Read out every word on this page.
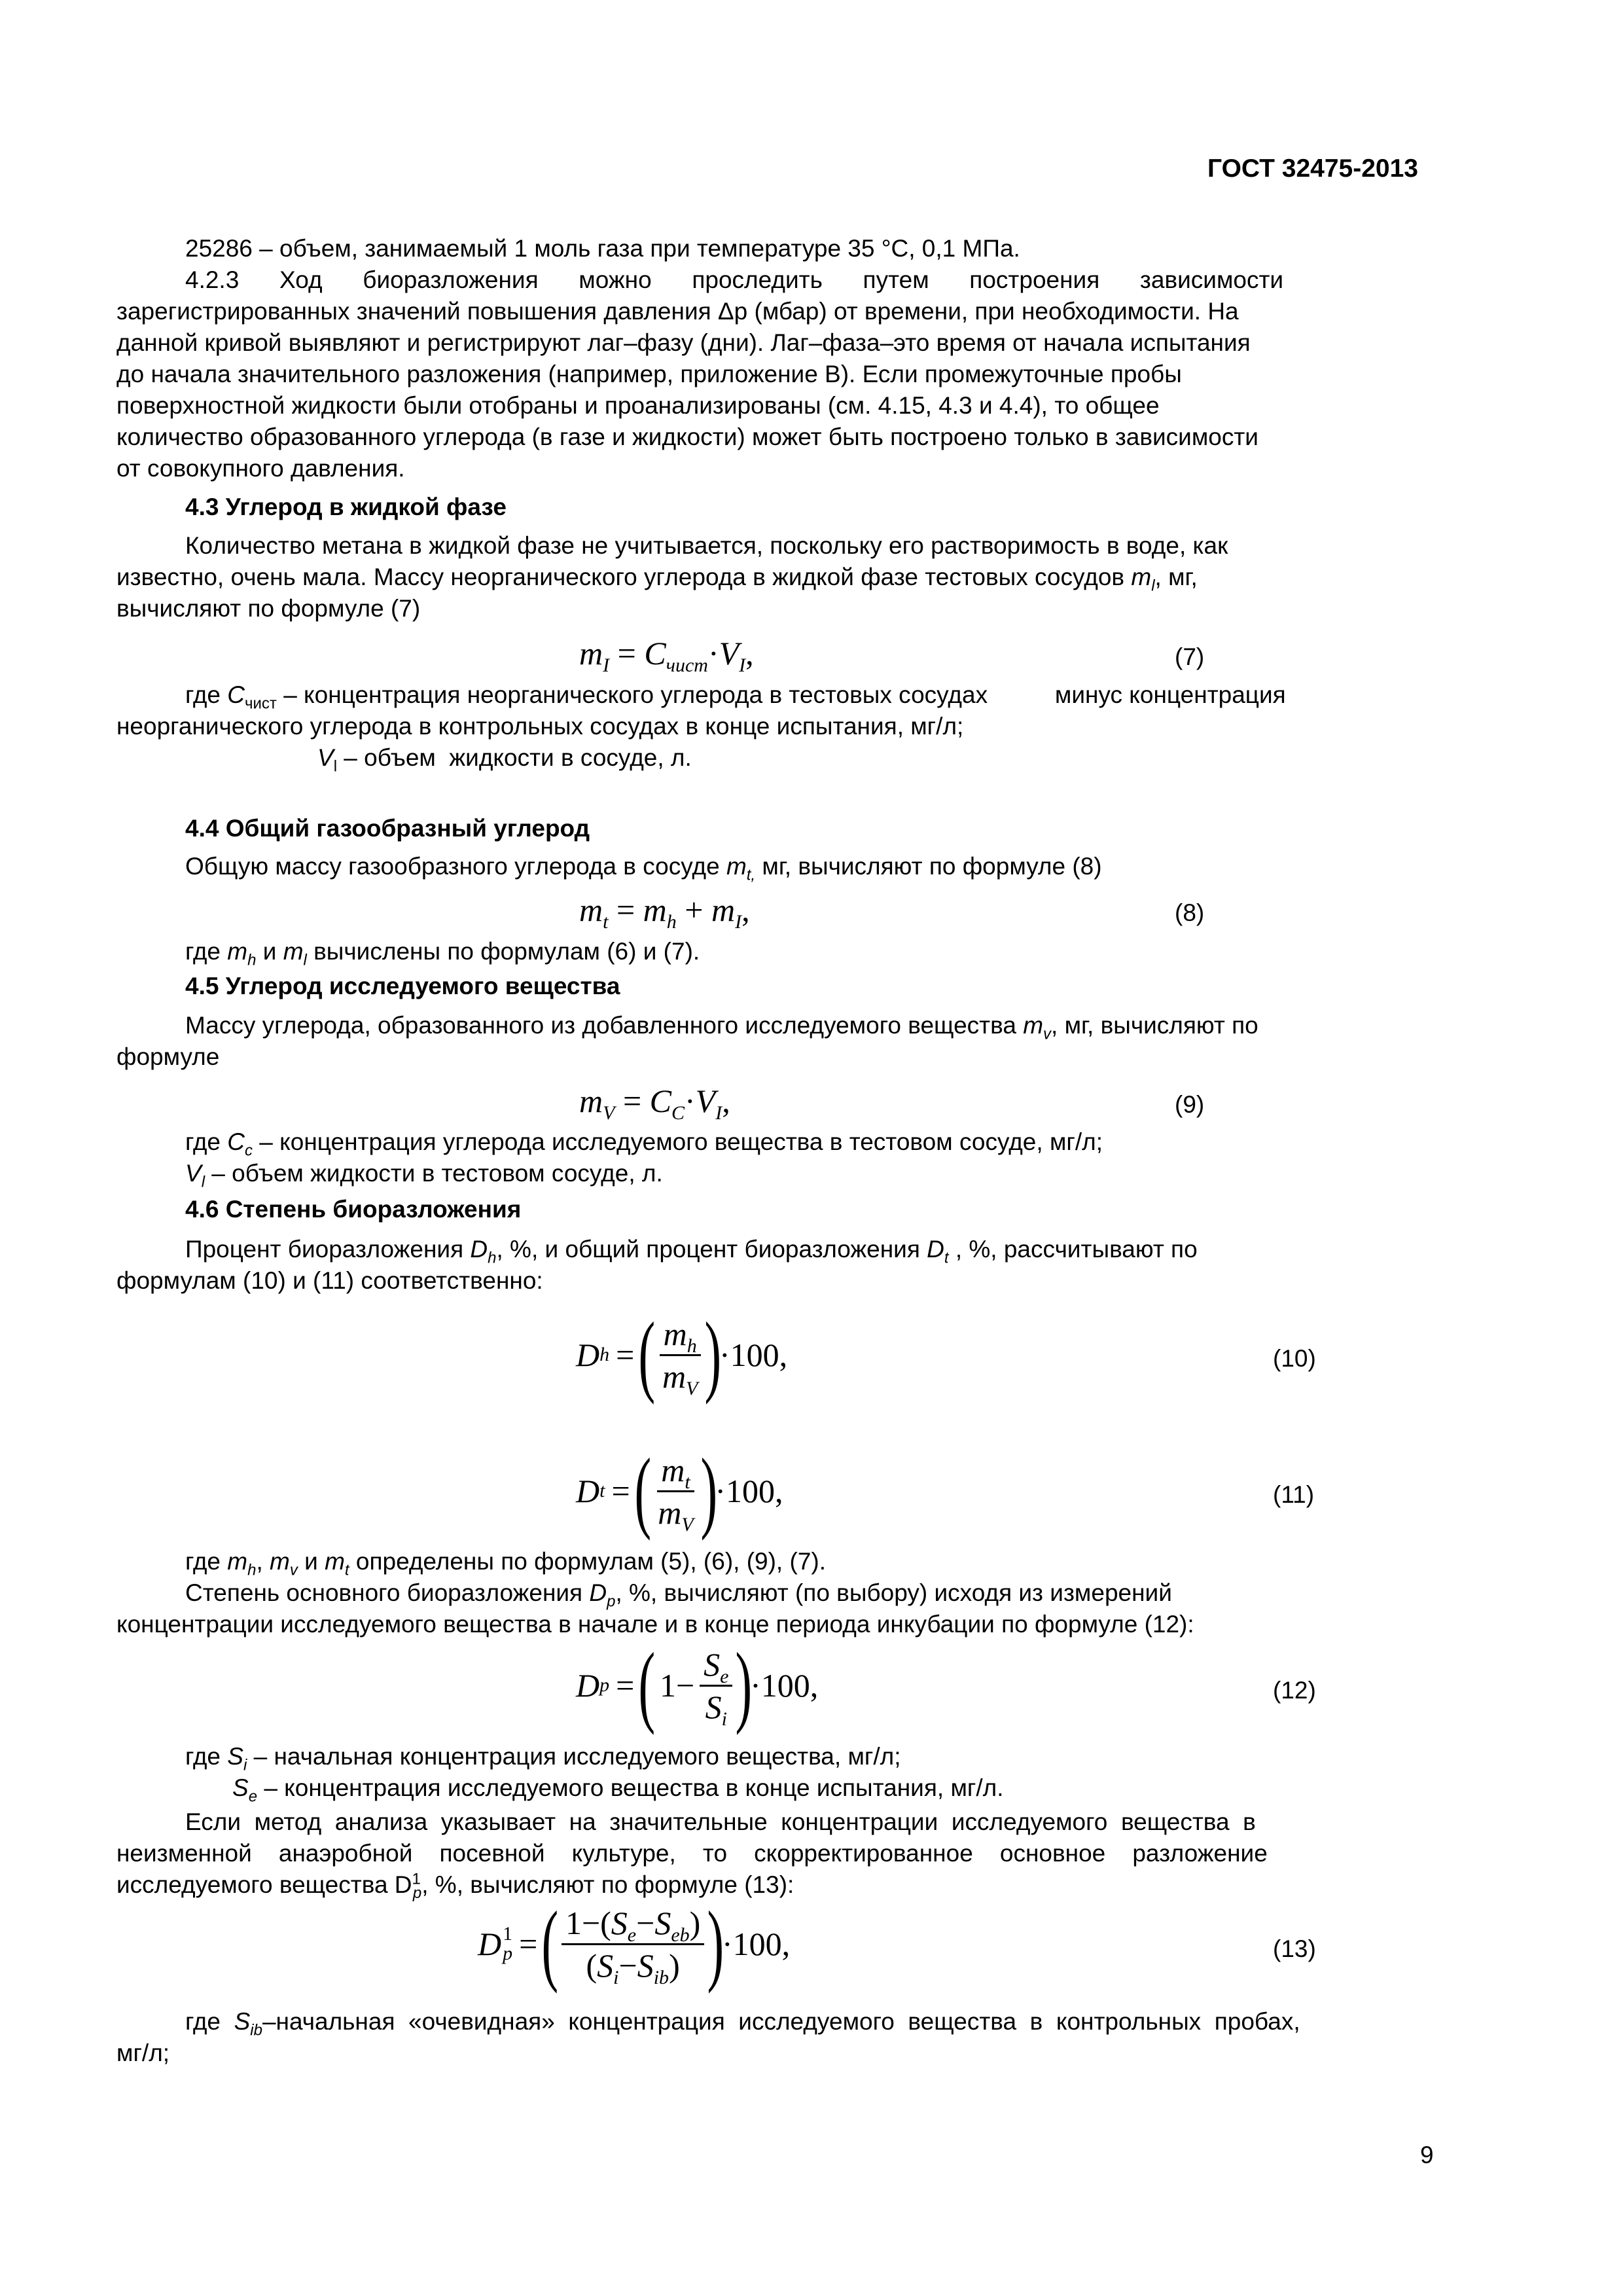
ГОСТ 32475-2013
25286 – объем, занимаемый 1 моль газа при температуре 35 °C, 0,1 МПа.
4.2.3      Ход      биоразложения      можно      проследить      путем      построения      зависимости
зарегистрированных значений повышения давления Δp (мбар) от времени, при необходимости. На
данной кривой выявляют и регистрируют лаг–фазу (дни). Лаг–фаза–это время от начала испытания
до начала значительного разложения (например, приложение В). Если промежуточные пробы
поверхностной жидкости были отобраны и проанализированы (см. 4.15, 4.3 и 4.4), то общее
количество образованного углерода (в газе и жидкости) может быть построено только в зависимости
от совокупного давления.
4.3 Углерод в жидкой фазе
Количество метана в жидкой фазе не учитывается, поскольку его растворимость в воде, как
известно, очень мала. Массу неорганического углерода в жидкой фазе тестовых сосудов $m_l$, мг,
вычисляют по формуле (7)
$m_I = C_{чист}\cdot V_I$,	(7)
где $C_{чист}$ – концентрация неорганического углерода в тестовых сосудах          минус концентрация
неорганического углерода в контрольных сосудах в конце испытания, мг/л;
$V_l$ – объем  жидкости в сосуде, л.
4.4 Общий газообразный углерод
Общую массу газообразного углерода в сосуде $m_{t,}$ мг, вычисляют по формуле (8)
$m_t = m_h + m_I$,	(8)
где $m_h$ и $m_l$ вычислены по формулам (6) и (7).
4.5 Углерод исследуемого вещества
Массу углерода, образованного из добавленного исследуемого вещества $m_v$, мг, вычисляют по
формуле
$m_V = C_C\cdot V_I$,	(9)
где $C_c$ – концентрация углерода исследуемого вещества в тестовом сосуде, мг/л;
$V_l$ – объем жидкости в тестовом сосуде, л.
4.6 Степень биоразложения
Процент биоразложения $D_h$, %, и общий процент биоразложения $D_t$ , %, рассчитывают по
формулам (10) и (11) соответственно:
D h = ( $\frac{m_h}{m_V}$ )
· 100 ,	(10)
D t = ( $\frac{m_t}{m_V}$ )
· 100 ,	(11)
где $m_h$, $m_v$ и $m_t$ определены по формулам (5), (6), (9), (7).
Степень основного биоразложения $D_p$, %, вычисляют (по выбору) исходя из измерений
концентрации исследуемого вещества в начале и в конце периода инкубации по формуле (12):
D p = ( $1 - \frac{S_e}{S_i}$ )
· 100 ,	(12)
где $S_i$ – начальная концентрация исследуемого вещества, мг/л;
$S_e$ – концентрация исследуемого вещества в конце испытания, мг/л.
Если  метод  анализа  указывает  на  значительные  концентрации  исследуемого  вещества  в
неизменной    анаэробной    посевной    культуре,    то    скорректированное    основное    разложение
исследуемого вещества $D^1_p$, %, вычисляют по формуле (13):
D 1
p = ( $\frac{1-(S_e-S_{eb})}{(S_i-S_{ib})}$ )
· 100 ,	(13)
где  $S_{ib}$–начальная  «очевидная»  концентрация  исследуемого  вещества  в  контрольных  пробах,
мг/л;
9
